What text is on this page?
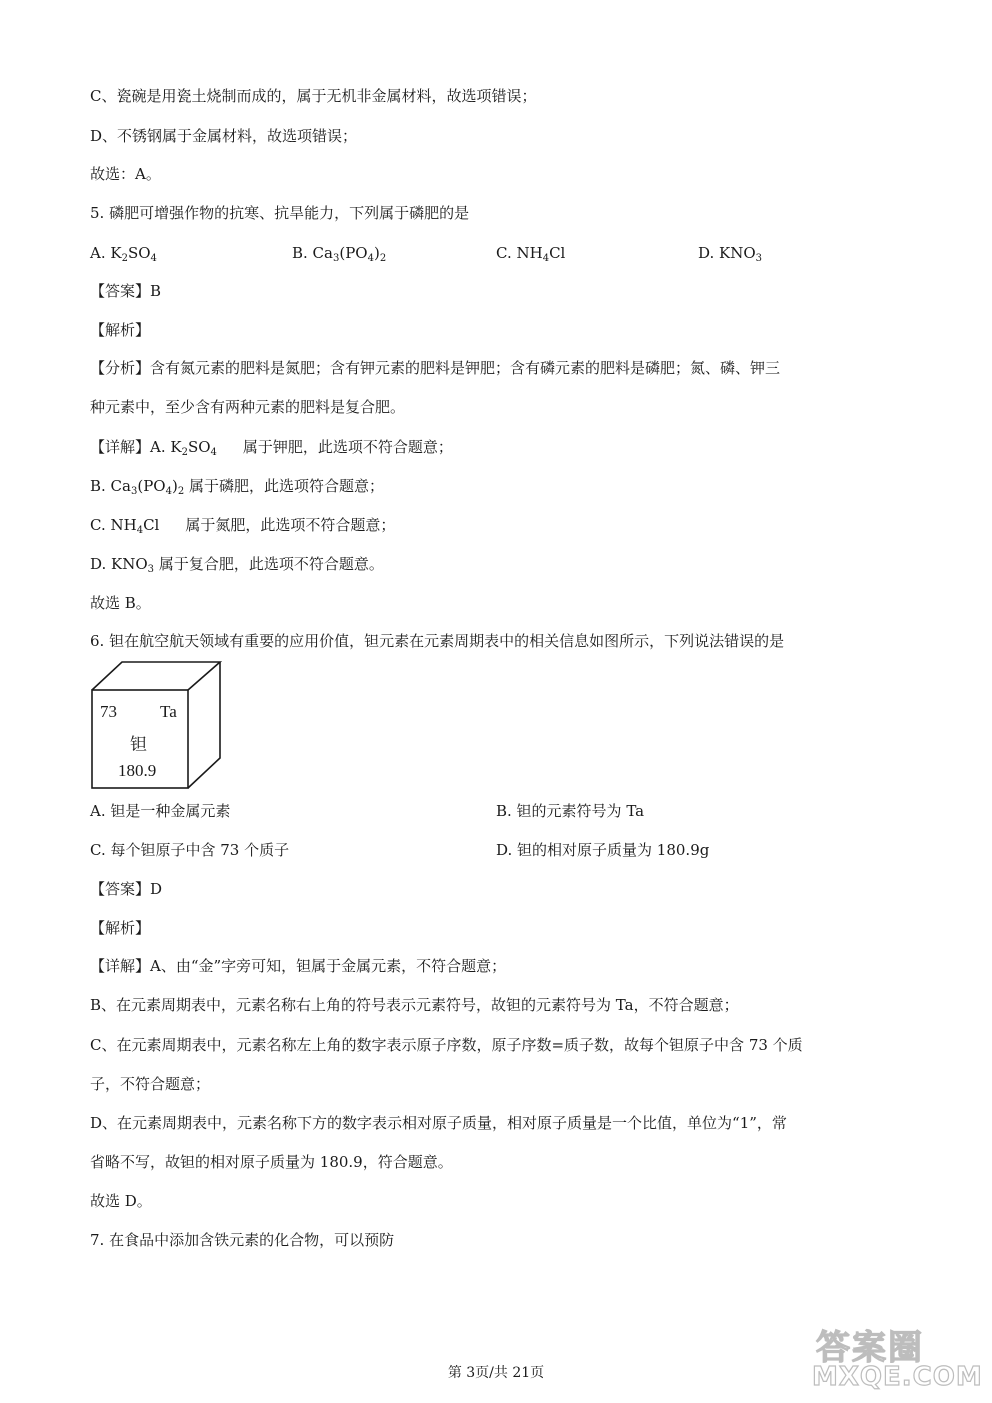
C、瓷碗是用瓷土烧制而成的，属于无机非金属材料，故选项错误；
D、不锈钢属于金属材料，故选项错误；
故选：A。
5. 磷肥可增强作物的抗寒、抗旱能力，下列属于磷肥的是
A. $K_2SO_4$	B. $Ca_3(PO_4)_2$	C. $NH_4Cl$	D. $KNO_3$
【答案】B
【解析】
【分析】含有氮元素的肥料是氮肥；含有钾元素的肥料是钾肥；含有磷元素的肥料是磷肥；氮、磷、钾三
种元素中，至少含有两种元素的肥料是复合肥。
【详解】A. $K_2SO_4$ 属于钾肥，此选项不符合题意；
B. $Ca_3(PO_4)_2$ 属于磷肥，此选项符合题意；
C. $NH_4Cl$ 属于氮肥，此选项不符合题意；
D. $KNO_3$ 属于复合肥，此选项不符合题意。
故选 B。
6. 钽在航空航天领域有重要的应用价值，钽元素在元素周期表中的相关信息如图所示，下列说法错误的是
73	Ta
钽
180.9
A. 钽是一种金属元素	B. 钽的元素符号为 Ta
C. 每个钽原子中含 73 个质子	D. 钽的相对原子质量为 180.9g
【答案】D
【解析】
【详解】A、由“金”字旁可知，钽属于金属元素，不符合题意；
B、在元素周期表中，元素名称右上角的符号表示元素符号，故钽的元素符号为 Ta，不符合题意；
C、在元素周期表中，元素名称左上角的数字表示原子序数，原子序数=质子数，故每个钽原子中含 73 个质
子，不符合题意；
D、在元素周期表中，元素名称下方的数字表示相对原子质量，相对原子质量是一个比值，单位为“1”，常
省略不写，故钽的相对原子质量为 180.9，符合题意。
故选 D。
7. 在食品中添加含铁元素的化合物，可以预防
第 3页/共 21页
答案圈
MXQE.COM
